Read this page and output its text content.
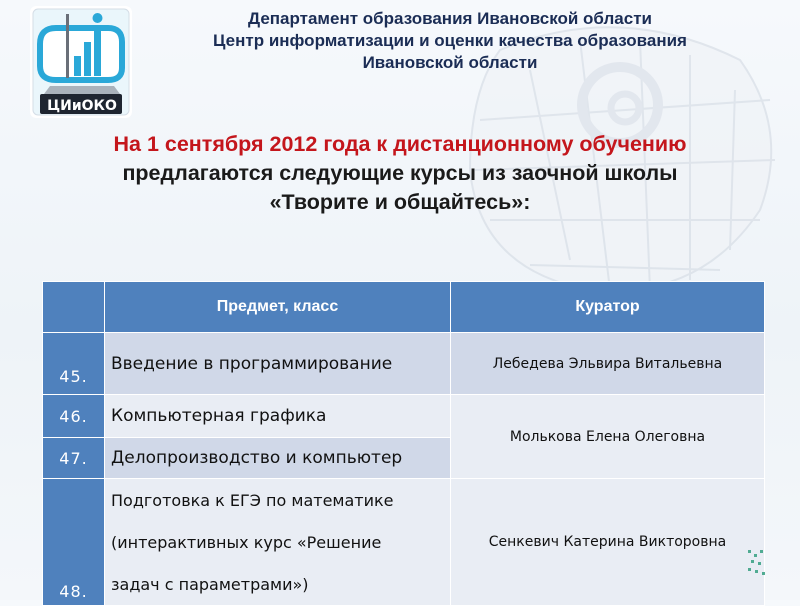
ЦИиОКО
Департамент образования Ивановской области
Центр информатизации и оценки качества образования
Ивановской области
На 1 сентября 2012 года к дистанционному обучению
предлагаются следующие курсы из заочной школы
«Творите и общайтесь»:
	Предмет, класс	Куратор
45.	Введение в программирование	Лебедева Эльвира Витальевна
46.	Компьютерная графика	Молькова Елена Олеговна
47.	Делопроизводство и компьютер	
48.	Подготовка к ЕГЭ по математике
(интерактивных курс «Решение
задач с параметрами»)	Сенкевич Катерина Викторовна
